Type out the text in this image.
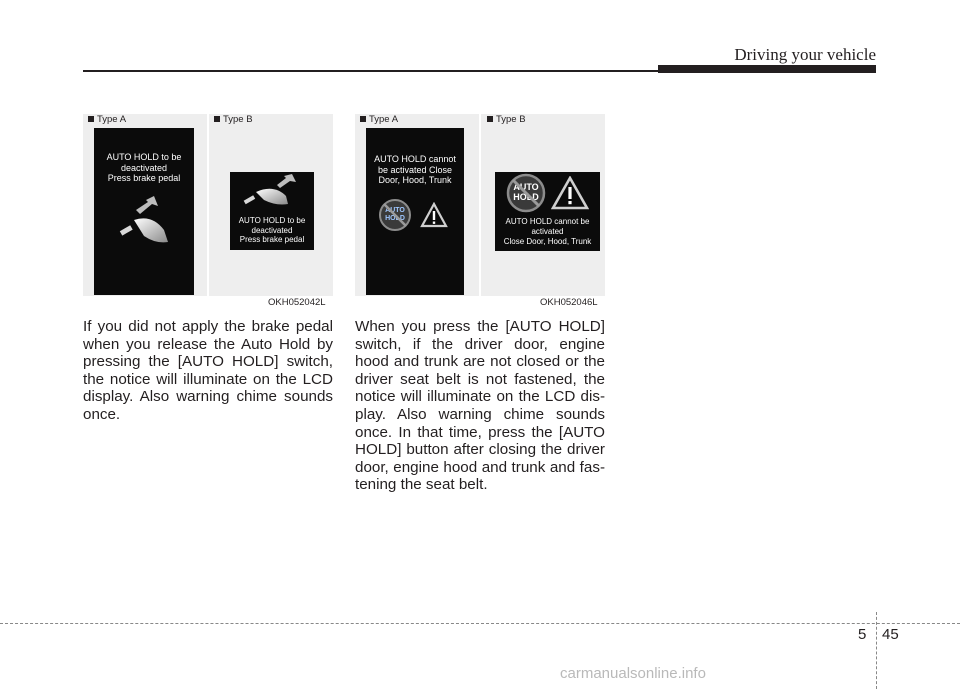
Driving your vehicle
Type A	Type B
AUTO HOLD to be
deactivated
Press brake pedal
AUTO HOLD to be
deactivated
Press brake pedal
OKH052042L
Type A	Type B
AUTO HOLD cannot
be activated Close
Door, Hood, Trunk
AUTO
HOLD
AUTO
HOLD
AUTO HOLD cannot be
activated
Close Door, Hood, Trunk
OKH052046L
If you did not apply the brake pedal when you release the Auto Hold by pressing the [AUTO HOLD] switch, the notice will illuminate on the LCD display. Also warning chime sounds once.
When you press the [AUTO HOLD] switch, if the driver door, engine hood and trunk are not closed or the driver seat belt is not fastened, the notice will illuminate on the LCD dis-play. Also warning chime sounds once. In that time, press the [AUTO HOLD] button after closing the driver door, engine hood and trunk and fas-tening the seat belt.
5 45
carmanualsonline.info
